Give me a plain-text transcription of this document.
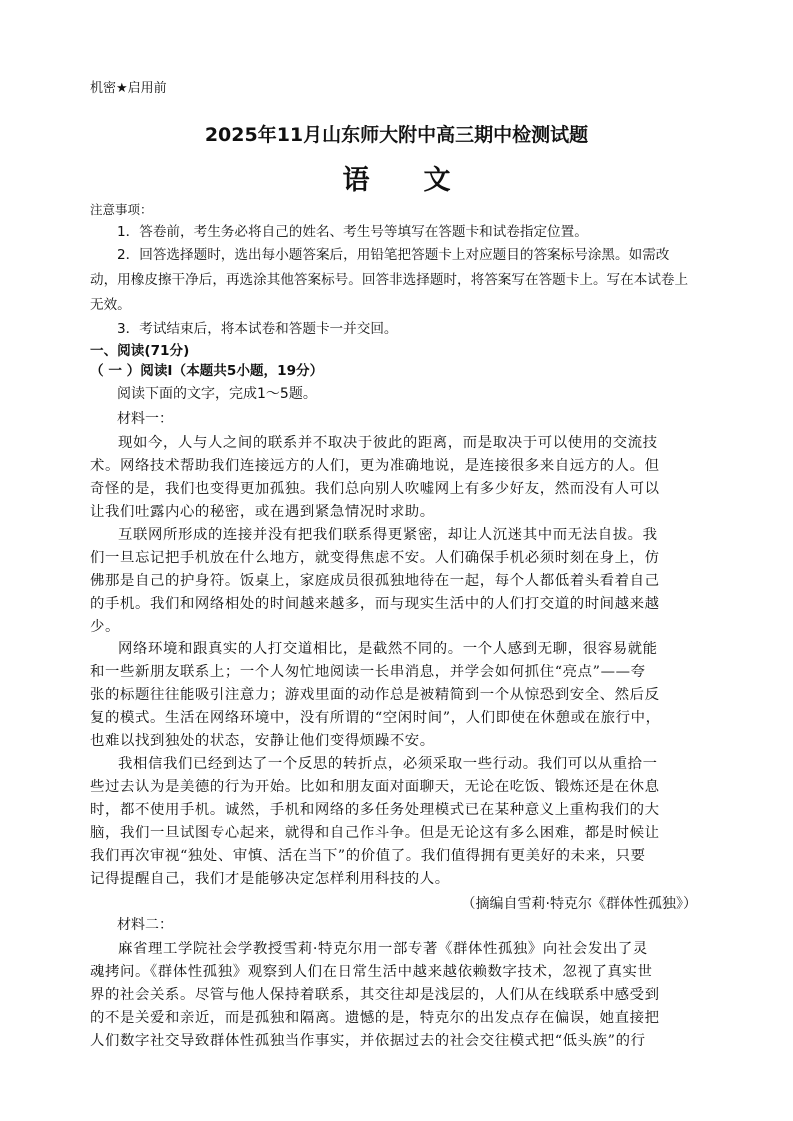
机密★启用前
2025年11月山东师大附中高三期中检测试题
语　　文
注意事项：
1．答卷前，考生务必将自己的姓名、考生号等填写在答题卡和试卷指定位置。
2．回答选择题时，选出每小题答案后，用铅笔把答题卡上对应题目的答案标号涂黑。如需改
动，用橡皮擦干净后，再选涂其他答案标号。回答非选择题时，将答案写在答题卡上。写在本试卷上
无效。
3．考试结束后，将本试卷和答题卡一并交回。
一、阅读(71分)
（ 一 ）阅读I（本题共5小题，19分）
阅读下面的文字，完成1～5题。
材料一：
现如今，人与人之间的联系并不取决于彼此的距离，而是取决于可以使用的交流技
术。网络技术帮助我们连接远方的人们，更为准确地说，是连接很多来自远方的人。但
奇怪的是，我们也变得更加孤独。我们总向别人吹嘘网上有多少好友，然而没有人可以
让我们吐露内心的秘密，或在遇到紧急情况时求助。
互联网所形成的连接并没有把我们联系得更紧密，却让人沉迷其中而无法自拔。我
们一旦忘记把手机放在什么地方，就变得焦虑不安。人们确保手机必须时刻在身上，仿
佛那是自己的护身符。饭桌上，家庭成员很孤独地待在一起，每个人都低着头看着自己
的手机。我们和网络相处的时间越来越多，而与现实生活中的人们打交道的时间越来越
少。
网络环境和跟真实的人打交道相比，是截然不同的。一个人感到无聊，很容易就能
和一些新朋友联系上；一个人匆忙地阅读一长串消息，并学会如何抓住“亮点”——夸
张的标题往往能吸引注意力；游戏里面的动作总是被精简到一个从惊恐到安全、然后反
复的模式。生活在网络环境中，没有所谓的“空闲时间”，人们即使在休憩或在旅行中，
也难以找到独处的状态，安静让他们变得烦躁不安。
我相信我们已经到达了一个反思的转折点，必须采取一些行动。我们可以从重拾一
些过去认为是美德的行为开始。比如和朋友面对面聊天，无论在吃饭、锻炼还是在休息
时，都不使用手机。诚然，手机和网络的多任务处理模式已在某种意义上重构我们的大
脑，我们一旦试图专心起来，就得和自己作斗争。但是无论这有多么困难，都是时候让
我们再次审视“独处、审慎、活在当下”的价值了。我们值得拥有更美好的未来，只要
记得提醒自己，我们才是能够决定怎样利用科技的人。
（摘编自雪莉·特克尔《群体性孤独》）
材料二：
麻省理工学院社会学教授雪莉·特克尔用一部专著《群体性孤独》向社会发出了灵
魂拷问。《群体性孤独》观察到人们在日常生活中越来越依赖数字技术，忽视了真实世
界的社会关系。尽管与他人保持着联系，其交往却是浅层的，人们从在线联系中感受到
的不是关爱和亲近，而是孤独和隔离。遗憾的是，特克尔的出发点存在偏误，她直接把
人们数字社交导致群体性孤独当作事实，并依据过去的社会交往模式把“低头族”的行
